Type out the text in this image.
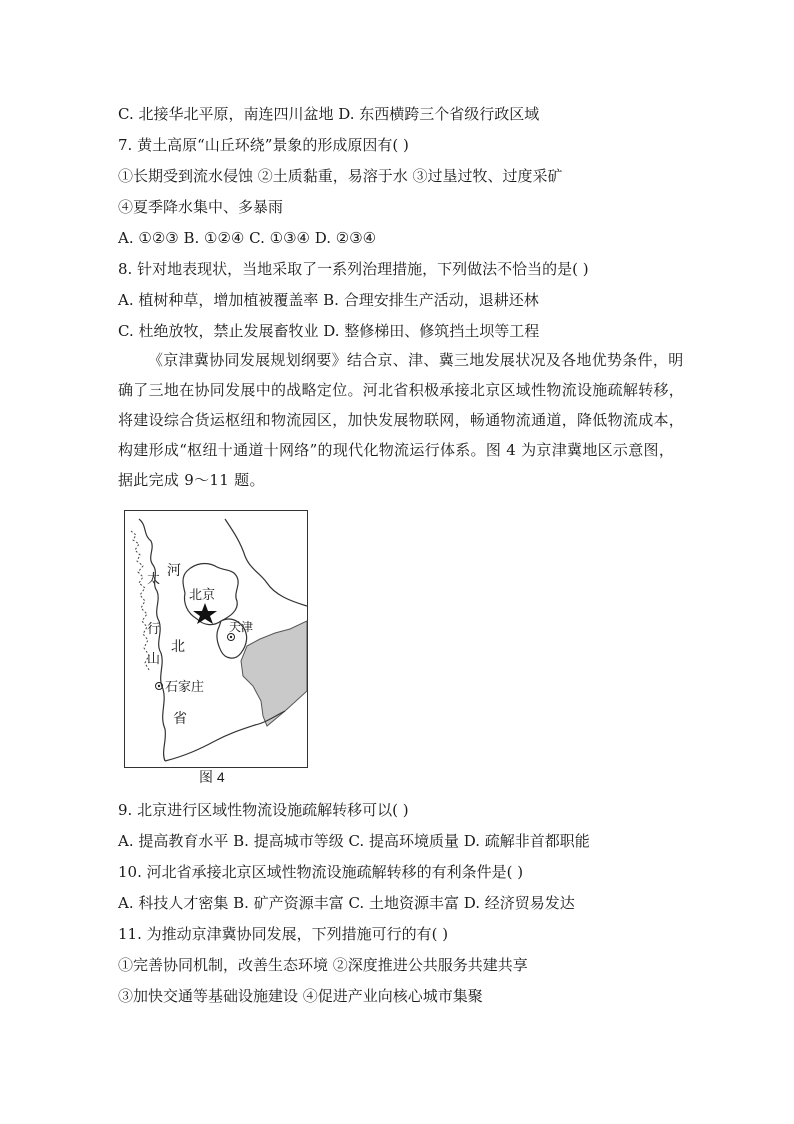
C. 北接华北平原，南连四川盆地 D. 东西横跨三个省级行政区域
7. 黄土高原“山丘环绕”景象的形成原因有( )
①长期受到流水侵蚀 ②土质黏重，易溶于水 ③过垦过牧、过度采矿
④夏季降水集中、多暴雨
A. ①②③ B. ①②④ C. ①③④ D. ②③④
8. 针对地表现状，当地采取了一系列治理措施，下列做法不恰当的是( )
A. 植树种草，增加植被覆盖率 B. 合理安排生产活动，退耕还林
C. 杜绝放牧，禁止发展畜牧业 D. 整修梯田、修筑挡土坝等工程
《京津冀协同发展规划纲要》结合京、津、冀三地发展状况及各地优势条件，明确了三地在协同发展中的战略定位。河北省积极承接北京区域性物流设施疏解转移，将建设综合货运枢纽和物流园区，加快发展物联网，畅通物流通道，降低物流成本，构建形成“枢纽十通道十网络”的现代化物流运行体系。图 4 为京津冀地区示意图，据此完成 9～11 题。
北京
天津
石家庄
太
行
山
河
北
省
图 4
9. 北京进行区域性物流设施疏解转移可以( )
A. 提高教育水平 B. 提高城市等级 C. 提高环境质量 D. 疏解非首都职能
10. 河北省承接北京区域性物流设施疏解转移的有利条件是( )
A. 科技人才密集 B. 矿产资源丰富 C. 土地资源丰富 D. 经济贸易发达
11. 为推动京津冀协同发展，下列措施可行的有( )
①完善协同机制，改善生态环境 ②深度推进公共服务共建共享
③加快交通等基础设施建设 ④促进产业向核心城市集聚
